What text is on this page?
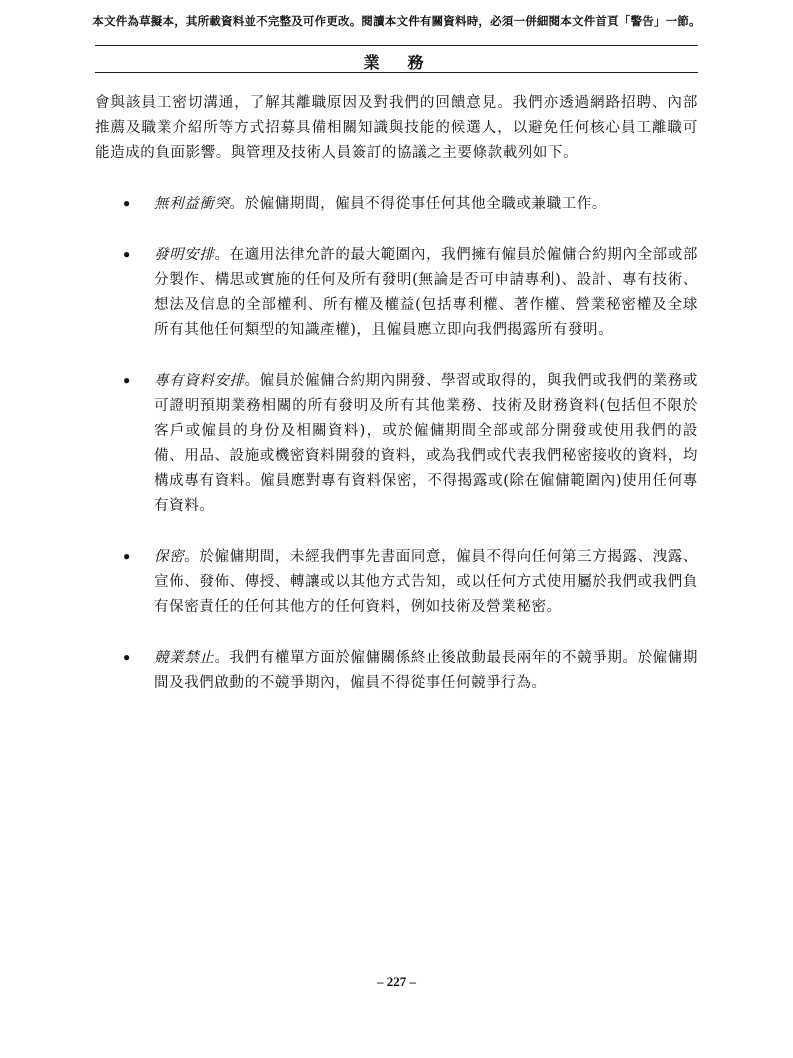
本文件為草擬本，其所載資料並不完整及可作更改。閱讀本文件有關資料時，必須一併細閱本文件首頁「警告」一節。
業　務

會與該員工密切溝通，了解其離職原因及對我們的回饋意見。我們亦透過網路招聘、內部推薦及職業介紹所等方式招募具備相關知識與技能的候選人，以避免任何核心員工離職可能造成的負面影響。與管理及技術人員簽訂的協議之主要條款載列如下。

• 無利益衝突。於僱傭期間，僱員不得從事任何其他全職或兼職工作。
• 發明安排。在適用法律允許的最大範圍內，我們擁有僱員於僱傭合約期內全部或部分製作、構思或實施的任何及所有發明(無論是否可申請專利)、設計、專有技術、想法及信息的全部權利、所有權及權益(包括專利權、著作權、營業秘密權及全球所有其他任何類型的知識產權)，且僱員應立即向我們揭露所有發明。
• 專有資料安排。僱員於僱傭合約期內開發、學習或取得的，與我們或我們的業務或可證明預期業務相關的所有發明及所有其他業務、技術及財務資料(包括但不限於客戶或僱員的身份及相關資料)，或於僱傭期間全部或部分開發或使用我們的設備、用品、設施或機密資料開發的資料，或為我們或代表我們秘密接收的資料，均構成專有資料。僱員應對專有資料保密，不得揭露或(除在僱傭範圍內)使用任何專有資料。
• 保密。於僱傭期間，未經我們事先書面同意，僱員不得向任何第三方揭露、洩露、宣佈、發佈、傳授、轉讓或以其他方式告知，或以任何方式使用屬於我們或我們負有保密責任的任何其他方的任何資料，例如技術及營業秘密。
• 競業禁止。我們有權單方面於僱傭關係終止後啟動最長兩年的不競爭期。於僱傭期間及我們啟動的不競爭期內，僱員不得從事任何競爭行為。
– 227 –
